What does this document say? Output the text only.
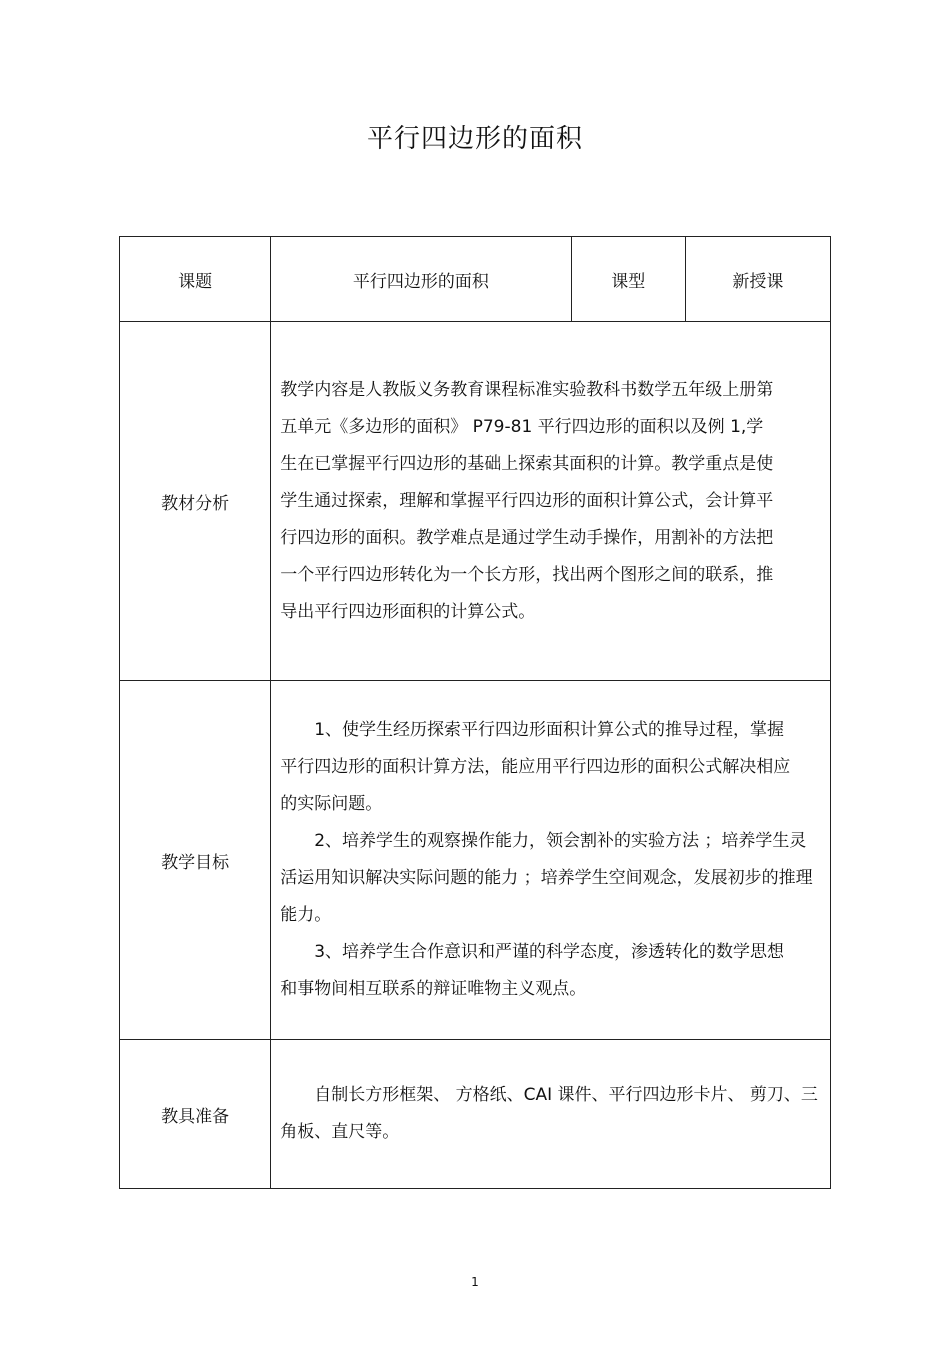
平行四边形的面积
课题	平行四边形的面积	课型	新授课
教材分析	教学内容是人教版义务教育课程标准实验教科书数学五年级上册第五单元《多边形的面积》 P79-81 平行四边形的面积以及例 1,学生在已掌握平行四边形的基础上探索其面积的计算。教学重点是使学生通过探索，理解和掌握平行四边形的面积计算公式，会计算平行四边形的面积。教学难点是通过学生动手操作，用割补的方法把一个平行四边形转化为一个长方形，找出两个图形之间的联系，推导出平行四边形面积的计算公式。		

教学目标	1、使学生经历探索平行四边形面积计算公式的推导过程，掌握平行四边形的面积计算方法，能应用平行四边形的面积公式解决相应的实际问题。
2、培养学生的观察操作能力，领会割补的实验方法 ；培养学生灵活运用知识解决实际问题的能力 ；培养学生空间观念，发展初步的推理能力。
3、培养学生合作意识和严谨的科学态度，渗透转化的数学思想和事物间相互联系的辩证唯物主义观点。		

教具准备	自制长方形框架、 方格纸、CAI 课件、平行四边形卡片、 剪刀、三角板、直尺等。		
1
